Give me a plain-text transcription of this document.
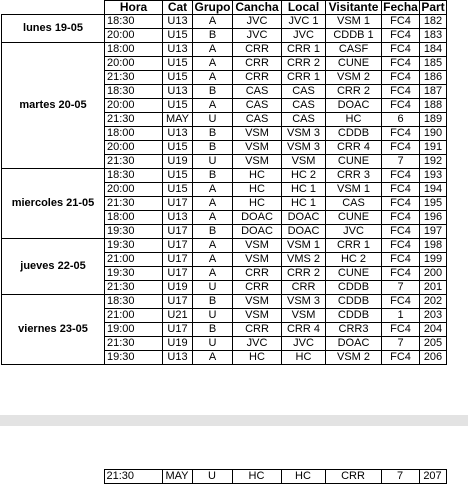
	Hora	Cat	Grupo	Cancha	Local	Visitante	Fecha	Part
lunes 19-05	18:30	U13	A	JVC	JVC 1	VSM 1	FC4	182
	20:00	U15	B	JVC	JVC	CDDB 1	FC4	183
martes 20-05	18:00	U13	A	CRR	CRR 1	CASF	FC4	184
	20:00	U15	A	CRR	CRR 2	CUNE	FC4	185
	21:30	U15	A	CRR	CRR 1	VSM 2	FC4	186
	18:30	U13	B	CAS	CAS	CRR 2	FC4	187
	20:00	U15	A	CAS	CAS	DOAC	FC4	188
	21:30	MAY	U	CAS	CAS	HC	6	189
	18:00	U13	B	VSM	VSM 3	CDDB	FC4	190
	20:00	U15	B	VSM	VSM 3	CRR 4	FC4	191
	21:30	U19	U	VSM	VSM	CUNE	7	192
miercoles 21-05	18:30	U15	B	HC	HC 2	CRR 3	FC4	193
	20:00	U15	A	HC	HC 1	VSM 1	FC4	194
	21:30	U17	A	HC	HC 1	CAS	FC4	195
	18:00	U13	A	DOAC	DOAC	CUNE	FC4	196
	19:30	U17	B	DOAC	DOAC	JVC	FC4	197
jueves 22-05	19:30	U17	A	VSM	VSM 1	CRR 1	FC4	198
	21:00	U17	A	VSM	VMS 2	HC 2	FC4	199
	19:30	U17	A	CRR	CRR 2	CUNE	FC4	200
	21:30	U19	U	CRR	CRR	CDDB	7	201
viernes 23-05	18:30	U17	B	VSM	VSM 3	CDDB	FC4	202
	21:00	U21	U	VSM	VSM	CDDB	1	203
	19:00	U17	B	CRR	CRR 4	CRR3	FC4	204
	21:30	U19	U	JVC	JVC	DOAC	7	205
	19:30	U13	A	HC	HC	VSM 2	FC4	206
	21:30	MAY	U	HC	HC	CRR	7	207
